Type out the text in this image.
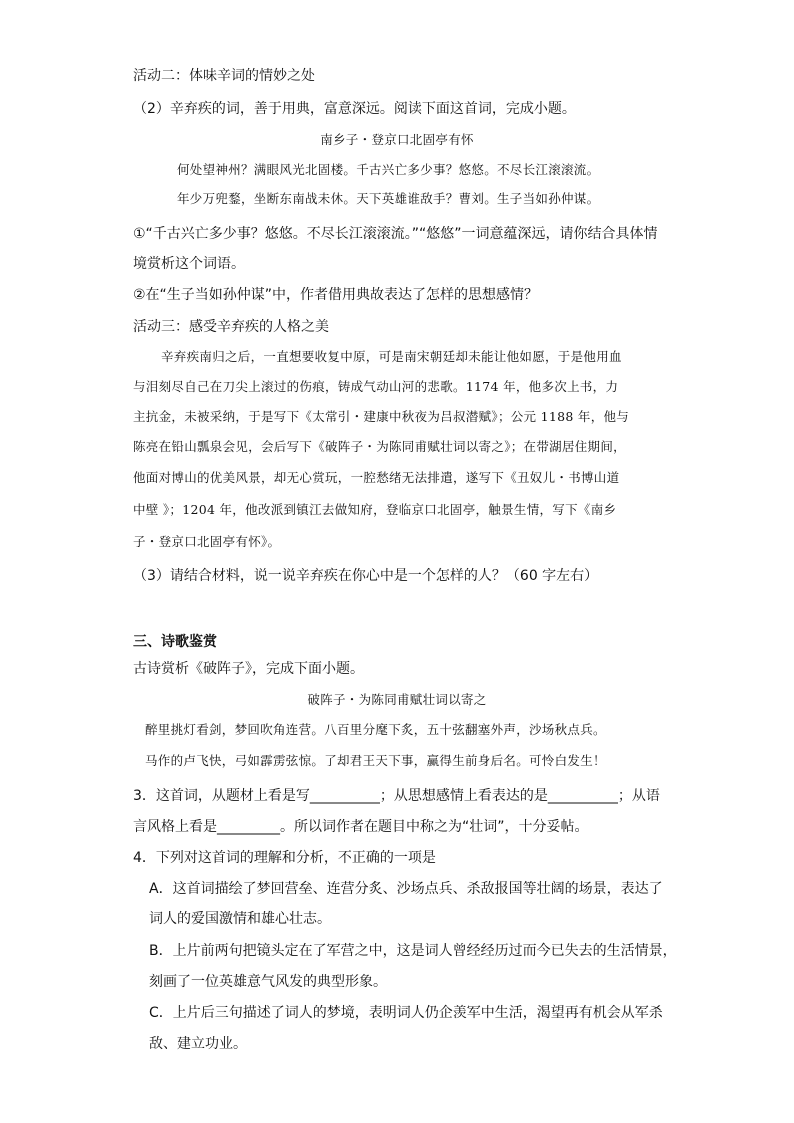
活动二：体味辛词的情妙之处
（2）辛弃疾的词，善于用典，富意深远。阅读下面这首词，完成小题。
南乡子・登京口北固亭有怀
何处望神州？满眼风光北固楼。千古兴亡多少事？悠悠。不尽长江滚滚流。
年少万兜鍪，坐断东南战未休。天下英雄谁敌手？曹刘。生子当如孙仲谋。
①“千古兴亡多少事？悠悠。不尽长江滚滚流。”“悠悠”一词意蕴深远，请你结合具体情
境赏析这个词语。
②在“生子当如孙仲谋”中，作者借用典故表达了怎样的思想感情？
活动三：感受辛弃疾的人格之美
辛弃疾南归之后，一直想要收复中原，可是南宋朝廷却未能让他如愿，于是他用血
与泪刻尽自己在刀尖上滚过的伤痕，铸成气动山河的悲歌。1174 年，他多次上书，力
主抗金，未被采纳，于是写下《太常引・建康中秋夜为吕叔潜赋》；公元 1188 年，他与
陈亮在铅山瓢泉会见，会后写下《破阵子・为陈同甫赋壮词以寄之》；在带湖居住期间，
他面对博山的优美风景，却无心赏玩，一腔愁绪无法排遣，遂写下《丑奴儿・书博山道
中壁 》；1204 年，他改派到镇江去做知府，登临京口北固亭，触景生情，写下《南乡
子・登京口北固亭有怀》。
（3）请结合材料，说一说辛弃疾在你心中是一个怎样的人？（60 字左右）
三、诗歌鉴赏
古诗赏析《破阵子》，完成下面小题。
破阵子・为陈同甫赋壮词以寄之
醉里挑灯看剑，梦回吹角连营。八百里分麾下炙，五十弦翻塞外声，沙场秋点兵。
马作的卢飞快，弓如霹雳弦惊。了却君王天下事，赢得生前身后名。可怜白发生！
3．这首词，从题材上看是写__________；从思想感情上看表达的是__________；从语
言风格上看是_________。所以词作者在题目中称之为“壮词”，十分妥帖。
4．下列对这首词的理解和分析，不正确的一项是
A．这首词描绘了梦回营垒、连营分炙、沙场点兵、杀敌报国等壮阔的场景，表达了
词人的爱国激情和雄心壮志。
B．上片前两句把镜头定在了军营之中，这是词人曾经经历过而今已失去的生活情景，
刻画了一位英雄意气风发的典型形象。
C．上片后三句描述了词人的梦境，表明词人仍企羡军中生活，渴望再有机会从军杀
敌、建立功业。
